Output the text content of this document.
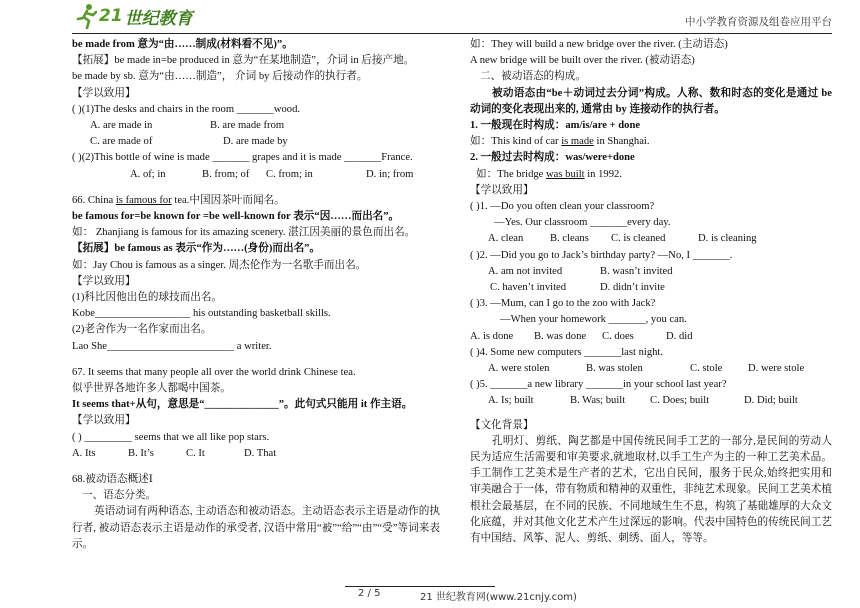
21 世纪教育	中小学教育资源及组卷应用平台

be made from 意为“由……制成(材料看不见)”。

【拓展】be made in=be produced in 意为“在某地制造”，介词 in 后接产地。

be made by sb. 意为“由……制造”， 介词 by 后接动作的执行者。

【学以致用】

( )(1)The desks and chairs in the room _______wood.

A. are made in	B. are made from

C. are made of	D. are made by

( )(2)This bottle of wine is made _______ grapes and it is made _______France.

A. of; in	B. from; of C. from; in	D. in; from

66. China is famous for tea.中国因茶叶而闻名。

be famous for=be known for =be well-known for 表示“因……而出名”。

如： Zhanjiang is famous for its amazing scenery. 湛江因美丽的景色而出名。

【拓展】be famous as 表示“作为……(身份)而出名”。

如：Jay Chou is famous as a singer. 周杰伦作为一名歌手而出名。

【学以致用】

(1)科比因他出色的球技而出名。

Kobe__________________ his outstanding basketball skills.

(2)老舍作为一名作家而出名。

Lao She________________________ a writer.

67. It seems that many people all over the world drink Chinese tea.

似乎世界各地许多人都喝中国茶。

It seems that+从句，意思是“______________”。此句式只能用 it 作主语。

【学以致用】

( ) _________ seems that we all like pop stars.

A. Its	B. It’s	C. It	D. That

68.被动语态概述Ⅰ

一、语态分类。

英语动词有两种语态, 主动语态和被动语态。主动语态表示主语是动作的执行者, 被动语态表示主语是动作的承受者, 汉语中常用“被”“给”“由”“受”等词来表示。

如：They will build a new bridge over the river. (主动语态)

A new bridge will be built over the river. (被动语态)

二、被动语态的构成。

被动语态由“be＋动词过去分词”构成。人称、数和时态的变化是通过 be 动词的变化表现出来的, 通常由 by 连接动作的执行者。

1. 一般现在时构成：am/is/are + done

如：This kind of car is made in Shanghai.

2. 一般过去时构成：was/were+done

如：The bridge was built in 1992.

【学以致用】

( )1. —Do you often clean your classroom?

—Yes. Our classroom _______every day.

A. clean	B. cleans C. is cleaned	D. is cleaning

( )2. —Did you go to Jack’s birthday party? —No, I _______.

A. am not invited	B. wasn’t invited

C. haven’t invited	D. didn’t invite

( )3. —Mum, can I go to the zoo with Jack?

—When your homework _______, you can.

A. is done B. was done C. does	D. did

( )4. Some new computers _______last night.

A. were stolen	B. was stolen	C. stole D. were stole

( )5. _______a new library _______in your school last year?

A. Is; built	B. Was; built C. Does; built	D. Did; built

【文化背景】

孔明灯、剪纸、陶艺都是中国传统民间手工艺的一部分,是民间的劳动人民为适应生活需要和审美要求,就地取材,以手工生产为主的一种工艺美术品。手工制作工艺美术是生产者的艺术，它出自民间，服务于民众,始终把实用和审美融合于一体，带有物质和精神的双重性，非纯艺术现象。民间工艺美术植根社会最基层，在不同的民族、不同地域生生不息，构筑了基础雄厚的大众文化底蕴，并对其他文化艺术产生过深远的影响。代表中国特色的传统民间工艺有中国结、风筝、泥人、剪纸、刺绣、面人，等等。

2 / 5	21 世纪教育网(www.21cnjy.com)
